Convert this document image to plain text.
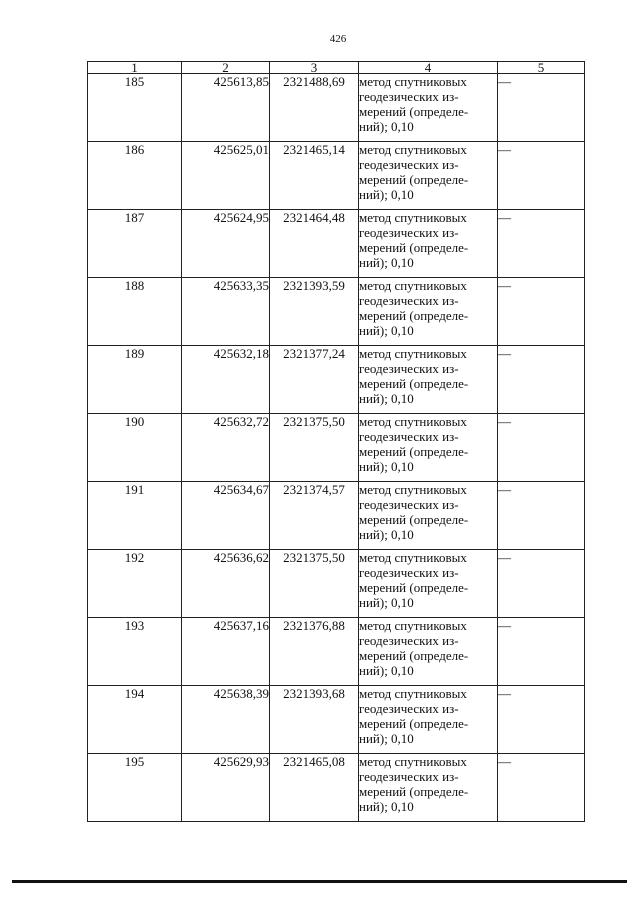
426
1	2	3	4	5
185	425613,85	2321488,69	метод спутниковых
геодезических из-
мерений (определе-
ний); 0,10	—
186	425625,01	2321465,14	метод спутниковых
геодезических из-
мерений (определе-
ний); 0,10	—
187	425624,95	2321464,48	метод спутниковых
геодезических из-
мерений (определе-
ний); 0,10	—
188	425633,35	2321393,59	метод спутниковых
геодезических из-
мерений (определе-
ний); 0,10	—
189	425632,18	2321377,24	метод спутниковых
геодезических из-
мерений (определе-
ний); 0,10	—
190	425632,72	2321375,50	метод спутниковых
геодезических из-
мерений (определе-
ний); 0,10	—
191	425634,67	2321374,57	метод спутниковых
геодезических из-
мерений (определе-
ний); 0,10	—
192	425636,62	2321375,50	метод спутниковых
геодезических из-
мерений (определе-
ний); 0,10	—
193	425637,16	2321376,88	метод спутниковых
геодезических из-
мерений (определе-
ний); 0,10	—
194	425638,39	2321393,68	метод спутниковых
геодезических из-
мерений (определе-
ний); 0,10	—
195	425629,93	2321465,08	метод спутниковых
геодезических из-
мерений (определе-
ний); 0,10	—
